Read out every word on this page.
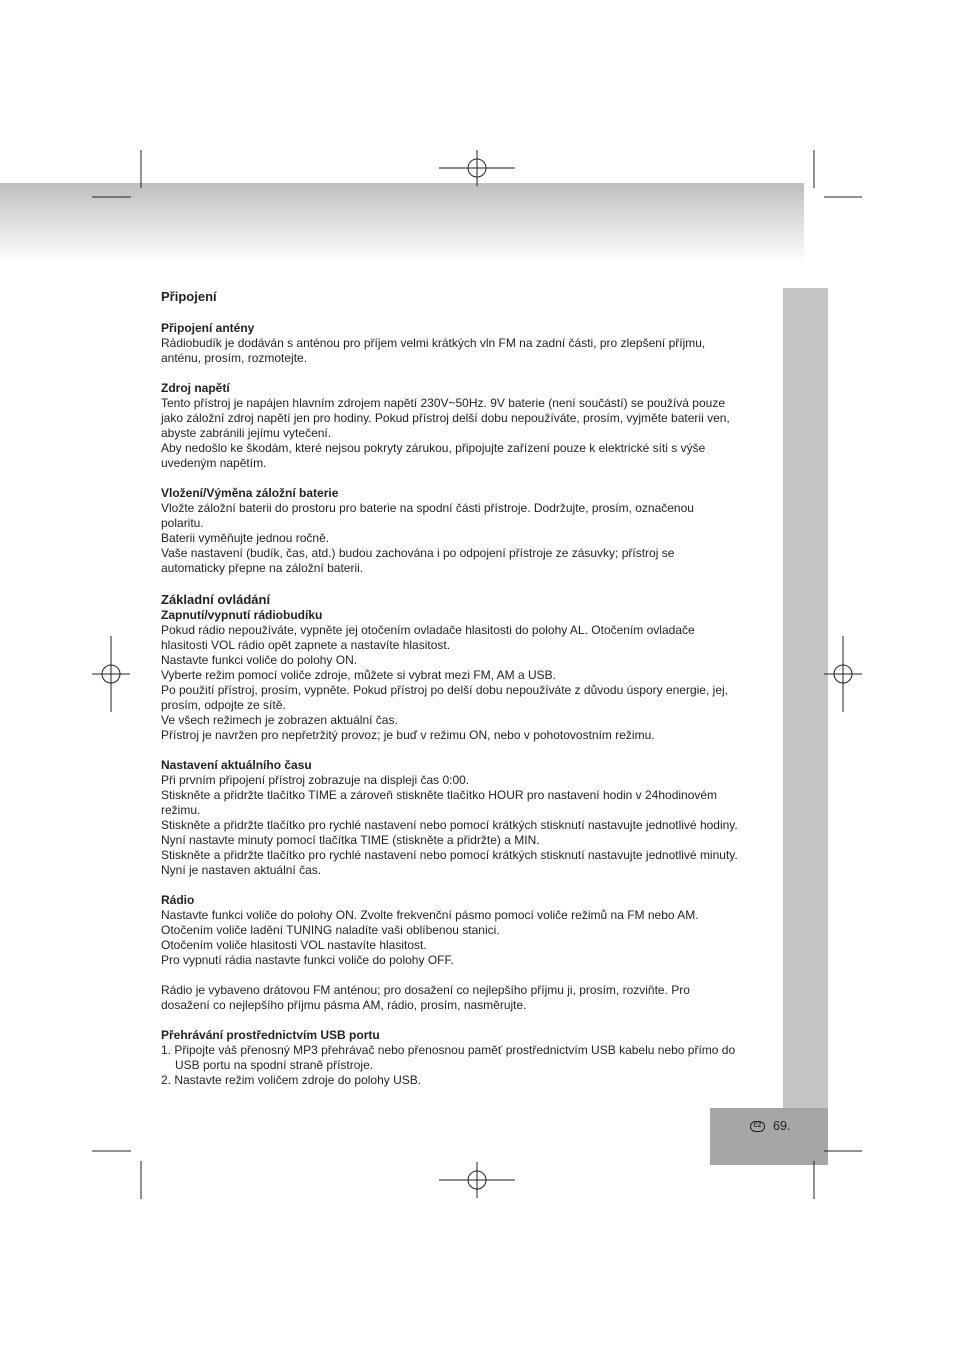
CZ 69.

Připojení

Připojení antény

Rádiobudík je dodáván s anténou pro příjem velmi krátkých vln FM na zadní části, pro zlepšení příjmu,

anténu, prosím, rozmotejte.

Zdroj napětí

Tento přístroj je napájen hlavním zdrojem napětí 230V~50Hz. 9V baterie (není součástí) se používá pouze

jako záložní zdroj napětí jen pro hodiny. Pokud přístroj delší dobu nepoužíváte, prosím, vyjměte baterii ven,

abyste zabránili jejímu vytečení.

Aby nedošlo ke škodám, které nejsou pokryty zárukou, připojujte zařízení pouze k elektrické síti s výše

uvedeným napětím.

Vložení/Výměna záložní baterie

Vložte záložní baterii do prostoru pro baterie na spodní části přístroje. Dodržujte, prosím, označenou

polaritu.

Baterii vyměňujte jednou ročně.

Vaše nastavení (budík, čas, atd.) budou zachována i po odpojení přístroje ze zásuvky; přístroj se

automaticky přepne na záložní baterii.

Základní ovládání

Zapnutí/vypnutí rádiobudíku

Pokud rádio nepoužíváte, vypněte jej otočením ovladače hlasitosti do polohy AL. Otočením ovladače

hlasitosti VOL rádio opět zapnete a nastavíte hlasitost.

Nastavte funkci voliče do polohy ON.

Vyberte režim pomocí voliče zdroje, můžete si vybrat mezi FM, AM a USB.

Po použití přístroj, prosím, vypněte. Pokud přístroj po delší dobu nepoužíváte z důvodu úspory energie, jej,

prosím, odpojte ze sítě.

Ve všech režimech je zobrazen aktuální čas.

Přístroj je navržen pro nepřetržitý provoz; je buď v režimu ON, nebo v pohotovostním režimu.

Nastavení aktuálního času

Při prvním připojení přístroj zobrazuje na displeji čas 0:00.

Stiskněte a přidržte tlačítko TIME a zároveň stiskněte tlačítko HOUR pro nastavení hodin v 24hodinovém

režimu.

Stiskněte a přidržte tlačítko pro rychlé nastavení nebo pomocí krátkých stisknutí nastavujte jednotlivé hodiny.

Nyní nastavte minuty pomocí tlačítka TIME (stiskněte a přidržte) a MIN.

Stiskněte a přidržte tlačítko pro rychlé nastavení nebo pomocí krátkých stisknutí nastavujte jednotlivé minuty.

Nyní je nastaven aktuální čas.

Rádio

Nastavte funkci voliče do polohy ON. Zvolte frekvenční pásmo pomocí voliče režimů na FM nebo AM.

Otočením voliče ladění TUNING naladíte vaši oblíbenou stanici.

Otočením voliče hlasitosti VOL nastavíte hlasitost.

Pro vypnutí rádia nastavte funkci voliče do polohy OFF.

Rádio je vybaveno drátovou FM anténou; pro dosažení co nejlepšího příjmu ji, prosím, rozviňte. Pro

dosažení co nejlepšího příjmu pásma AM, rádio, prosím, nasměrujte.

Přehrávání prostřednictvím USB portu

1. Připojte váš přenosný MP3 přehrávač nebo přenosnou paměť prostřednictvím USB kabelu nebo přímo do

USB portu na spodní straně přístroje.

2. Nastavte režim voličem zdroje do polohy USB.
